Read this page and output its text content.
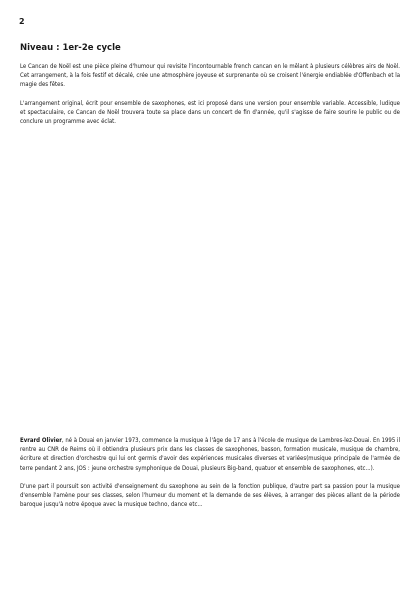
2
Niveau : 1er-2e cycle

Le Cancan de Noël est une pièce pleine d'humour qui revisite l'incontournable french cancan en le mêlant à plusieurs célèbres airs de Noël. Cet arrangement, à la fois festif et décalé, crée une atmosphère joyeuse et surprenante où se croisent l'énergie endiablée d'Offenbach et la magie des fêtes.

L'arrangement original, écrit pour ensemble de saxophones, est ici proposé dans une version pour ensemble variable. Accessible, ludique et spectaculaire, ce Cancan de Noël trouvera toute sa place dans un concert de fin d'année, qu'il s'agisse de faire sourire le public ou de conclure un programme avec éclat.

Evrard Olivier, né à Douai en janvier 1973, commence la musique à l'âge de 17 ans à l'école de musique de Lambres-lez-Douai. En 1995 il rentre au CNR de Reims où il obtiendra plusieurs prix dans les classes de saxophones, basson, formation musicale, musique de chambre, écriture et direction d'orchestre qui lui ont germis d'avoir des expériences musicales diverses et variées(musique principale de l'armée de terre pendant 2 ans, JOS : jeune orchestre symphonique de Douai, plusieurs Big-band, quatuor et ensemble de saxophones, etc...).

D'une part il poursuit son activité d'enseignement du saxophone au sein de la fonction publique, d'autre part sa passion pour la musique d'ensemble l'amène pour ses classes, selon l'humeur du moment et la demande de ses élèves, à arranger des pièces allant de la période baroque jusqu'à notre époque avec la musique techno, dance etc...
